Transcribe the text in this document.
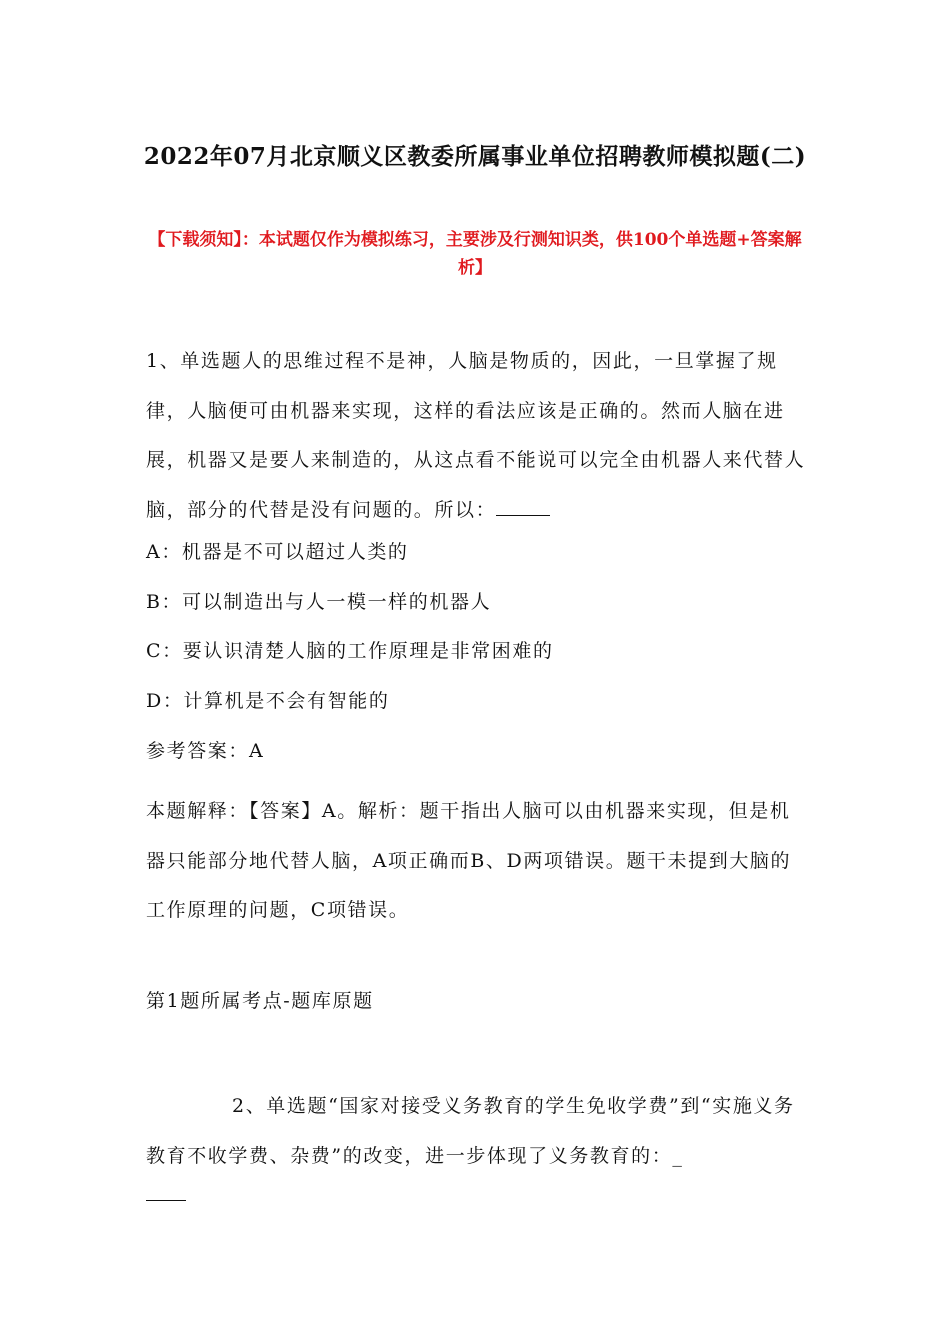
2022年07月北京顺义区教委所属事业单位招聘教师模拟题(二)
【下载须知】：本试题仅作为模拟练习，主要涉及行测知识类，供100个单选题+答案解析】

1、单选题人的思维过程不是神，人脑是物质的，因此，一旦掌握了规律，人脑便可由机器来实现，这样的看法应该是正确的。然而人脑在进展，机器又是要人来制造的，从这点看不能说可以完全由机器人来代替人脑，部分的代替是没有问题的。所以：

A：机器是不可以超过人类的

B：可以制造出与人一模一样的机器人

C：要认识清楚人脑的工作原理是非常困难的

D：计算机是不会有智能的

参考答案：A

本题解释：【答案】A。解析：题干指出人脑可以由机器来实现，但是机器只能部分地代替人脑，A项正确而B、D两项错误。题干未提到大脑的工作原理的问题，C项错误。

第1题所属考点-题库原题

2、单选题“国家对接受义务教育的学生免收学费”到“实施义务教育不收学费、杂费”的改变，进一步体现了义务教育的：_
